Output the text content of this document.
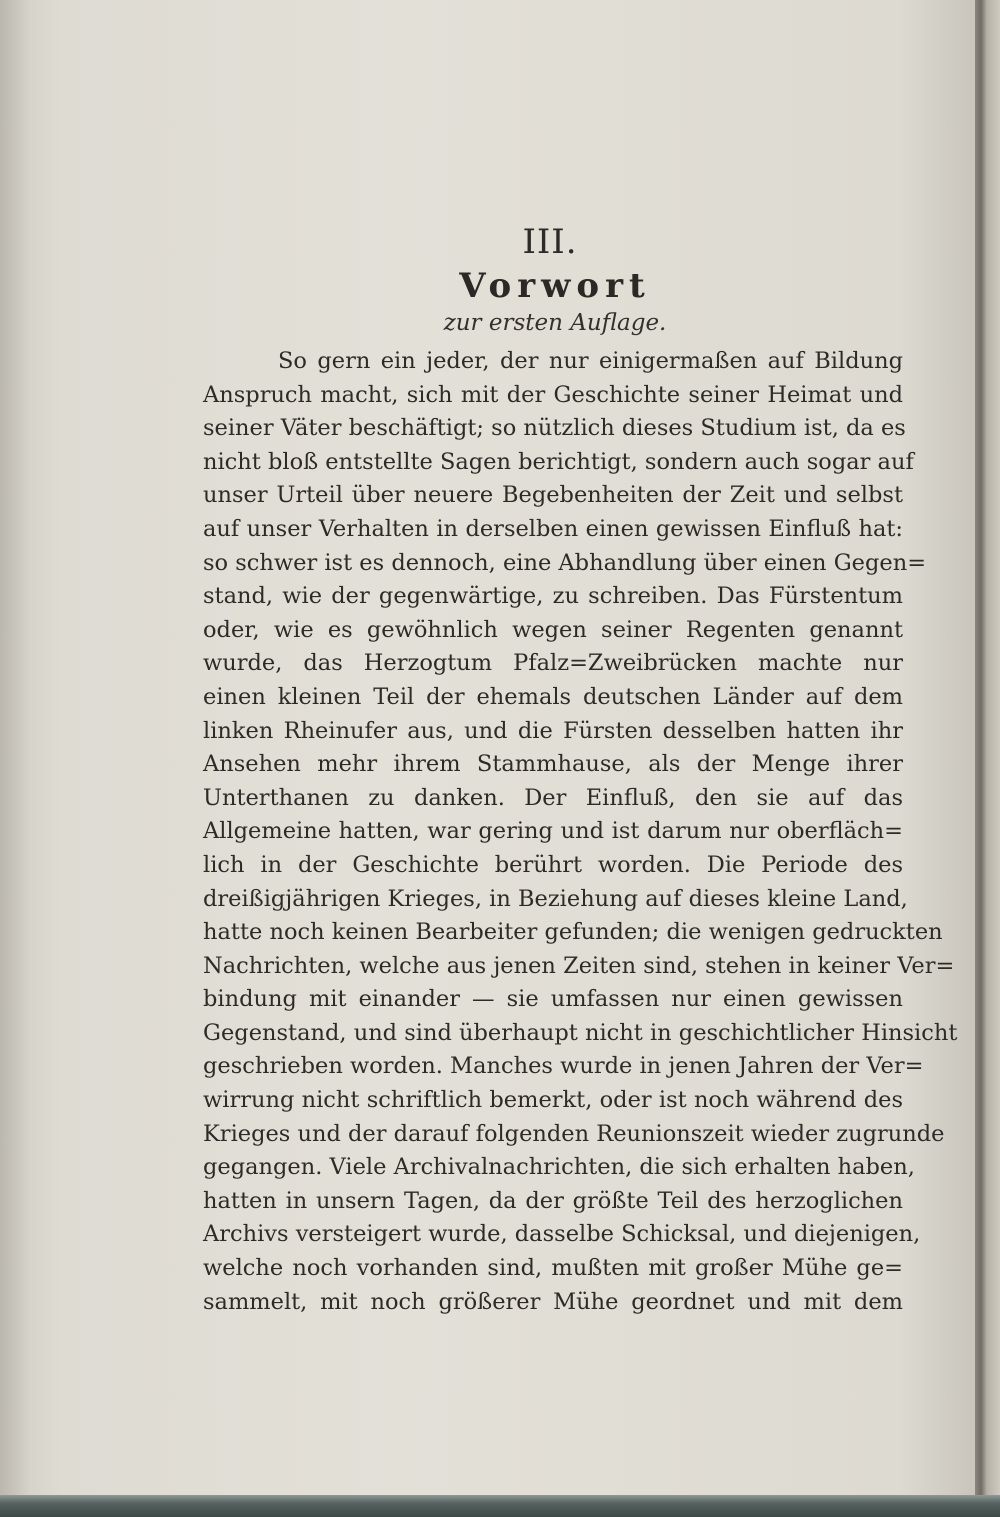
III.
Vorwort
zur ersten Auflage.
So gern ein jeder, der nur einigermaßen auf Bildung
Anspruch macht, sich mit der Geschichte seiner Heimat und
seiner Väter beschäftigt; so nützlich dieses Studium ist, da es
nicht bloß entstellte Sagen berichtigt, sondern auch sogar auf
unser Urteil über neuere Begebenheiten der Zeit und selbst
auf unser Verhalten in derselben einen gewissen Einfluß hat:
so schwer ist es dennoch, eine Abhandlung über einen Gegen=
stand, wie der gegenwärtige, zu schreiben. Das Fürstentum
oder, wie es gewöhnlich wegen seiner Regenten genannt
wurde, das Herzogtum Pfalz=Zweibrücken machte nur
einen kleinen Teil der ehemals deutschen Länder auf dem
linken Rheinufer aus, und die Fürsten desselben hatten ihr
Ansehen mehr ihrem Stammhause, als der Menge ihrer
Unterthanen zu danken. Der Einfluß, den sie auf das
Allgemeine hatten, war gering und ist darum nur oberfläch=
lich in der Geschichte berührt worden. Die Periode des
dreißigjährigen Krieges, in Beziehung auf dieses kleine Land,
hatte noch keinen Bearbeiter gefunden; die wenigen gedruckten
Nachrichten, welche aus jenen Zeiten sind, stehen in keiner Ver=
bindung mit einander — sie umfassen nur einen gewissen
Gegenstand, und sind überhaupt nicht in geschichtlicher Hinsicht
geschrieben worden. Manches wurde in jenen Jahren der Ver=
wirrung nicht schriftlich bemerkt, oder ist noch während des
Krieges und der darauf folgenden Reunionszeit wieder zugrunde
gegangen. Viele Archivalnachrichten, die sich erhalten haben,
hatten in unsern Tagen, da der größte Teil des herzoglichen
Archivs versteigert wurde, dasselbe Schicksal, und diejenigen,
welche noch vorhanden sind, mußten mit großer Mühe ge=
sammelt, mit noch größerer Mühe geordnet und mit dem
